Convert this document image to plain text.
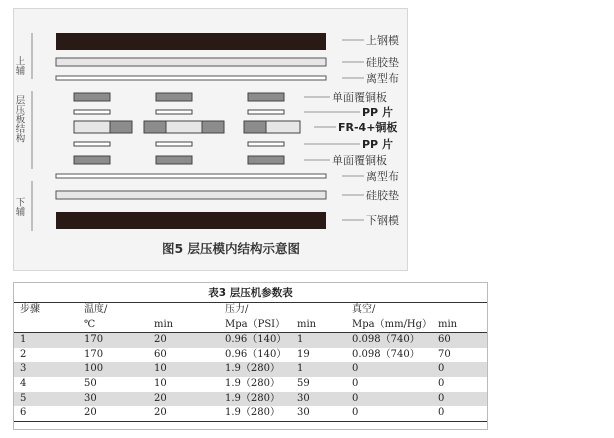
上辅
层压板结构
下辅
上钢模
硅胶垫
离型布
单面覆铜板
PP 片
FR-4+铜板
PP 片
单面覆铜板
离型布
硅胶垫
下钢模
图5 层压模内结构示意图
表3 层压机参数表
步骤	温度/		压力/		真空/	
	℃	min	Mpa（PSI）	min	Mpa（mm/Hg）	min
1	170	20	0.96（140）	1	0.098（740）	60
2	170	60	0.96（140）	19	0.098（740）	70
3	100	10	1.9（280）	1	0	0
4	50	10	1.9（280）	59	0	0
5	30	20	1.9（280）	30	0	0
6	20	20	1.9（280）	30	0	0
